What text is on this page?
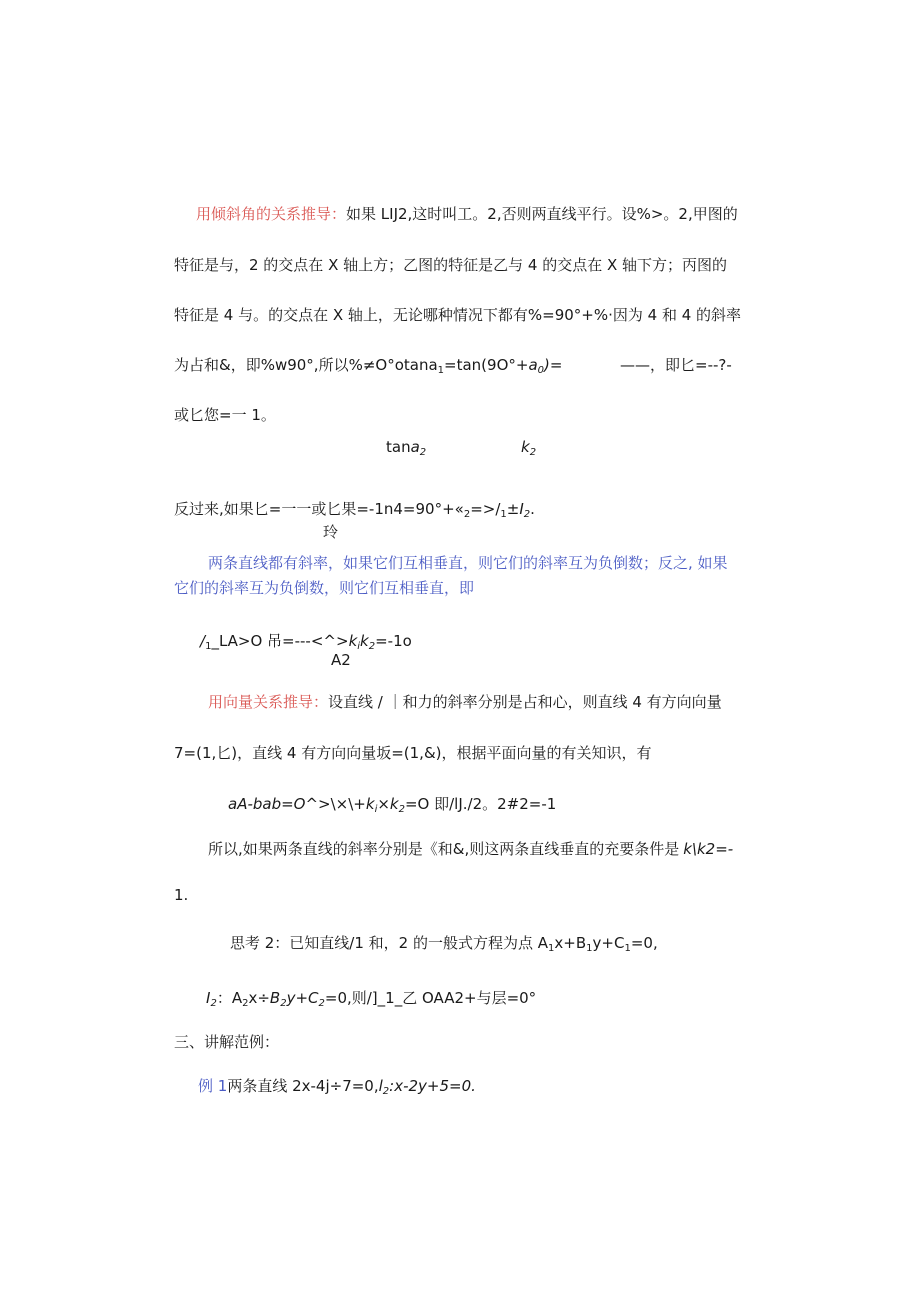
用倾斜角的关系推导：如果 LIJ2,这时叫工。2,否则两直线平行。设%>。2,甲图的
特征是与，2 的交点在 X 轴上方；乙图的特征是乙与 4 的交点在 X 轴下方；丙图的
特征是 4 与。的交点在 X 轴上，无论哪种情况下都有%=90°+%·因为 4 和 4 的斜率
为占和&，即%w90°,所以$\%\ne O^\circ otana_1=\tan(9O^\circ+a_0)=$	——，即匕=--?-
或匕您=一 1。
tana$_2$	$k_2$
反过来,如果匕=一一或匕果$=-1n4=90^\circ+«_2=>/_1\pm I_2$.
玲
两条直线都有斜率，如果它们互相垂直，则它们的斜率互为负倒数；反之, 如果
它们的斜率互为负倒数，则它们互相垂直，即
$/_1\_LA>O$ 吊$=---<\^{}>k_ik_2=-1o$
A2
用向量关系推导：设直线 / ｜和力的斜率分别是占和心，则直线 4 有方向向量
7=(1,匕)，直线 4 有方向向量坂=(1,&)，根据平面向量的有关知识，有
$aA-bab=O\^{}>\backslash\times\backslash+k_i\times k_2=O$ 即/lJ./2。2#2=-1
所以,如果两条直线的斜率分别是《和&,则这两条直线垂直的充要条件是 k\k2=-
1.
思考 2：已知直线/1 和，2 的一般式方程为点 $A_1x+B_1y+C_1=0$,
$I_2$：$A_2x\div B_2y+C_2=0$,则/]_1_乙 OAA2+与层=0°
三、讲解范例：
例 1两条直线 $2x-4j\div 7=0,l_2:x-2y+5=0$.
